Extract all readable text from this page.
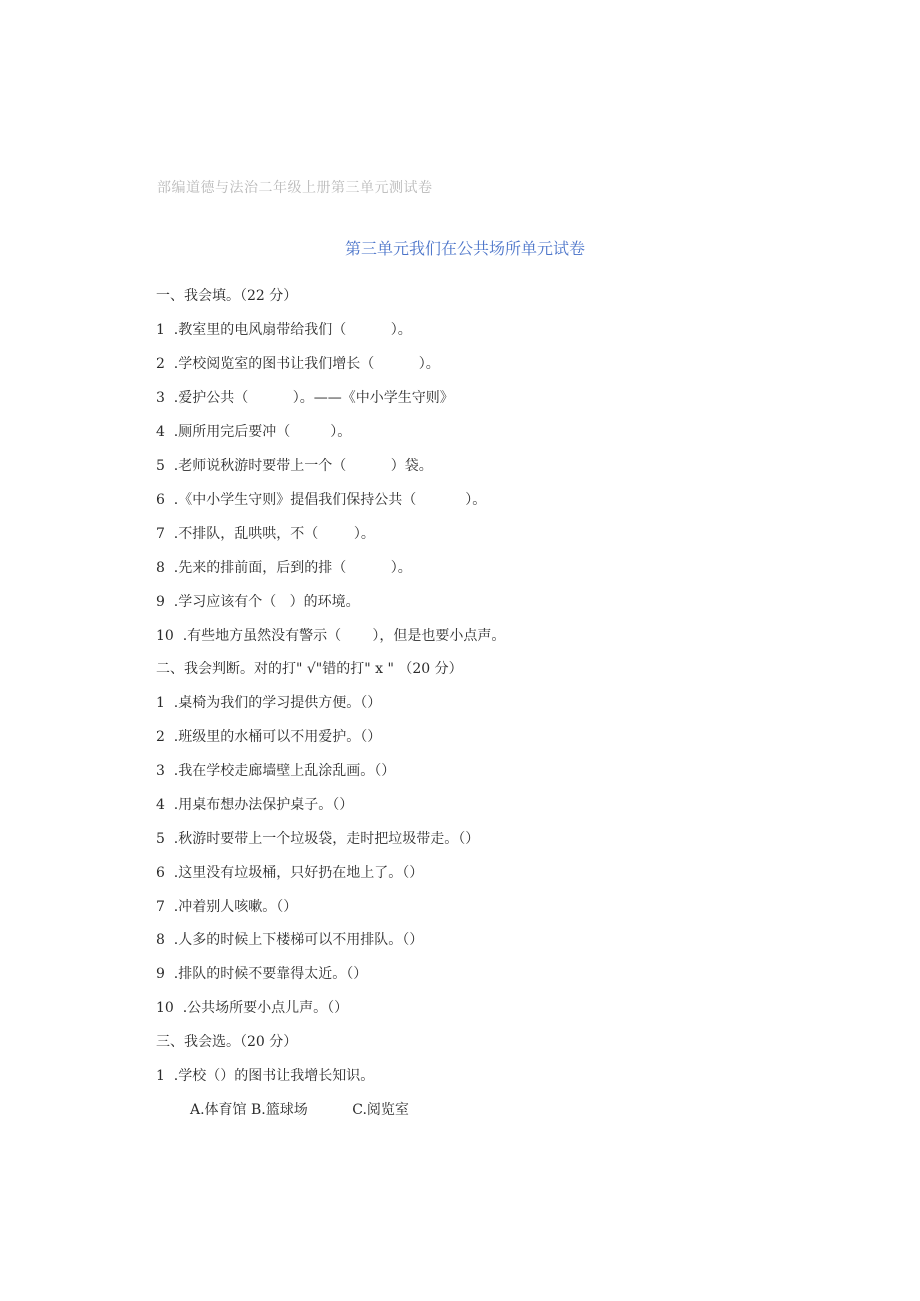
部编道德与法治二年级上册第三单元测试卷
第三单元我们在公共场所单元试卷
一、我会填。（22 分）
1  .教室里的电风扇带给我们（          ）。
2  .学校阅览室的图书让我们增长（          ）。
3  .爱护公共（          ）。——《中小学生守则》
4  .厕所用完后要冲（         ）。
5  .老师说秋游时要带上一个（          ）袋。
6  .《中小学生守则》提倡我们保持公共（           ）。
7  .不排队，乱哄哄，不（        ）。
8  .先来的排前面，后到的排（          ）。
9  .学习应该有个（   ）的环境。
10  .有些地方虽然没有警示（       ），但是也要小点声。
二、我会判断。对的打" √"错的打" x " （20 分）
1  .桌椅为我们的学习提供方便。（）
2  .班级里的水桶可以不用爱护。（）
3  .我在学校走廊墙壁上乱涂乱画。（）
4  .用桌布想办法保护桌子。（）
5  .秋游时要带上一个垃圾袋，走时把垃圾带走。（）
6  .这里没有垃圾桶，只好扔在地上了。（）
7  .冲着别人咳嗽。（）
8  .人多的时候上下楼梯可以不用排队。（）
9  .排队的时候不要靠得太近。（）
10  .公共场所要小点儿声。（）
三、我会选。（20 分）
1  .学校（）的图书让我增长知识。
A.体育馆 B.篮球场          C.阅览室
